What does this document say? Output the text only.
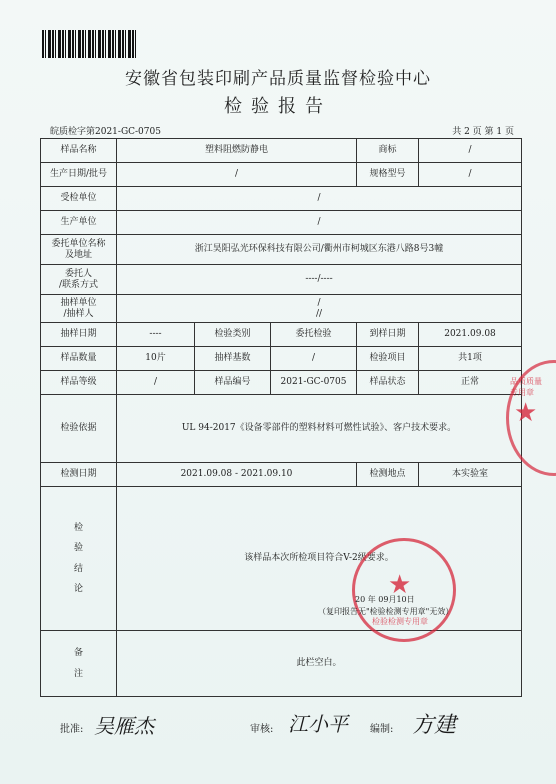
安徽省包装印刷产品质量监督检验中心
检验报告
皖质检字第2021-GC-0705	共 2 页 第 1 页
样品名称	塑料阻燃防静电			商标	/
生产日期/批号	/			规格型号	/
受检单位	/				
生产单位	/				
委托单位名称
及地址	浙江昊阳弘光环保科技有限公司/衢州市柯城区东港八路8号3幢				
委托人
/联系方式	----/----				
抽样单位
/抽样人	/
//				
抽样日期	----	检验类别	委托检验	到样日期	2021.09.08
样品数量	10片	抽样基数	/	检验项目	共1项
样品等级	/	样品编号	2021-GC-0705	样品状态	正常
检验依据	UL 94-2017《设备零部件的塑料材料可燃性试验》、客户技术要求。				
检测日期	2021.09.08 - 2021.09.10			检测地点	本实验室

检
验
结
论	该样品本次所检项目符合V-2级要求。				

备
注	此栏空白。				
★
检验检测专用章
20 年 09月10日
（复印报告无"检验检测专用章"无效）
★
品质质量
专用章
批准: 吴雁杰	审核: 江小平 编制: 方建
